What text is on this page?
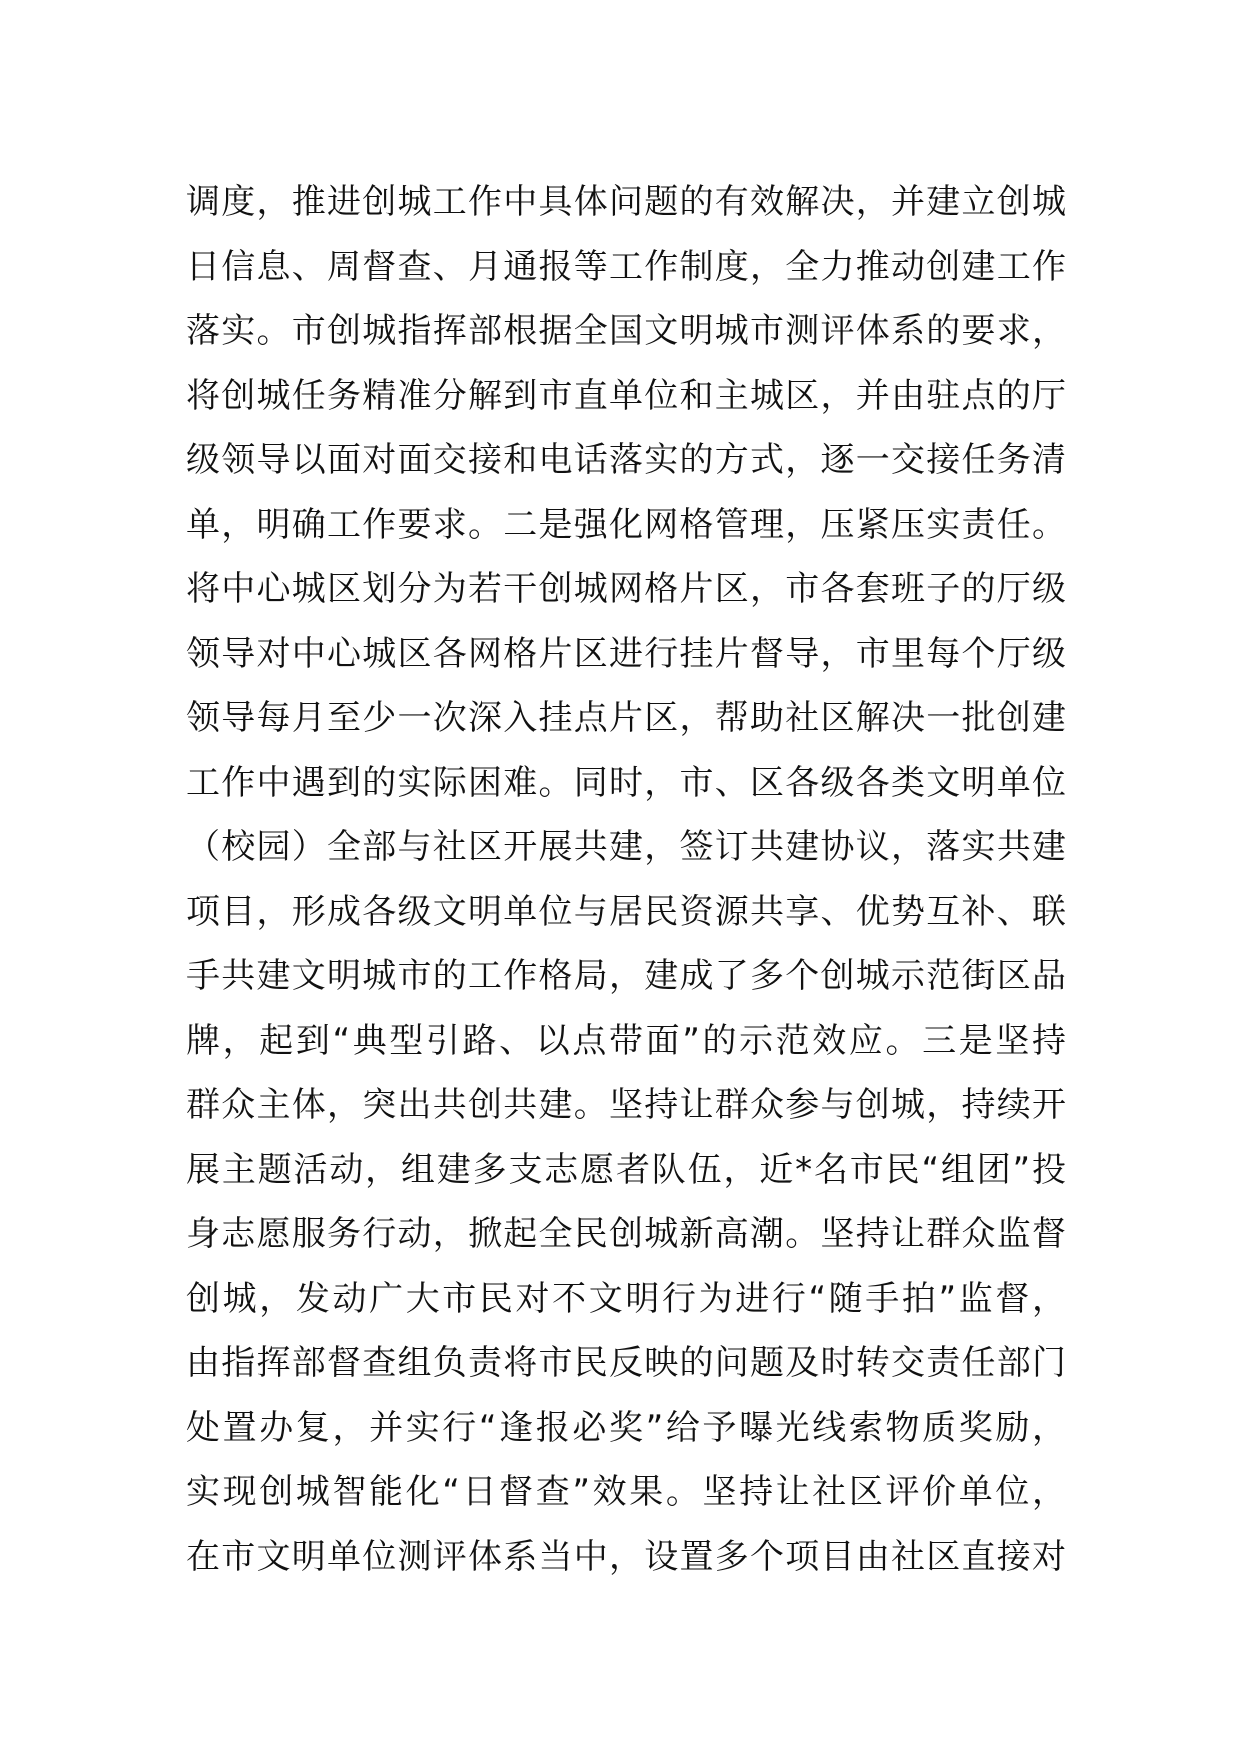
调度，推进创城工作中具体问题的有效解决，并建立创城
日信息、周督查、月通报等工作制度，全力推动创建工作
落实。市创城指挥部根据全国文明城市测评体系的要求，
将创城任务精准分解到市直单位和主城区，并由驻点的厅
级领导以面对面交接和电话落实的方式，逐一交接任务清
单，明确工作要求。二是强化网格管理，压紧压实责任。
将中心城区划分为若干创城网格片区，市各套班子的厅级
领导对中心城区各网格片区进行挂片督导，市里每个厅级
领导每月至少一次深入挂点片区，帮助社区解决一批创建
工作中遇到的实际困难。同时，市、区各级各类文明单位
（校园）全部与社区开展共建，签订共建协议，落实共建
项目，形成各级文明单位与居民资源共享、优势互补、联
手共建文明城市的工作格局，建成了多个创城示范街区品
牌，起到“典型引路、以点带面”的示范效应。三是坚持
群众主体，突出共创共建。坚持让群众参与创城，持续开
展主题活动，组建多支志愿者队伍，近*名市民“组团”投
身志愿服务行动，掀起全民创城新高潮。坚持让群众监督
创城，发动广大市民对不文明行为进行“随手拍”监督，
由指挥部督查组负责将市民反映的问题及时转交责任部门
处置办复，并实行“逢报必奖”给予曝光线索物质奖励，
实现创城智能化“日督查”效果。坚持让社区评价单位，
在市文明单位测评体系当中，设置多个项目由社区直接对
